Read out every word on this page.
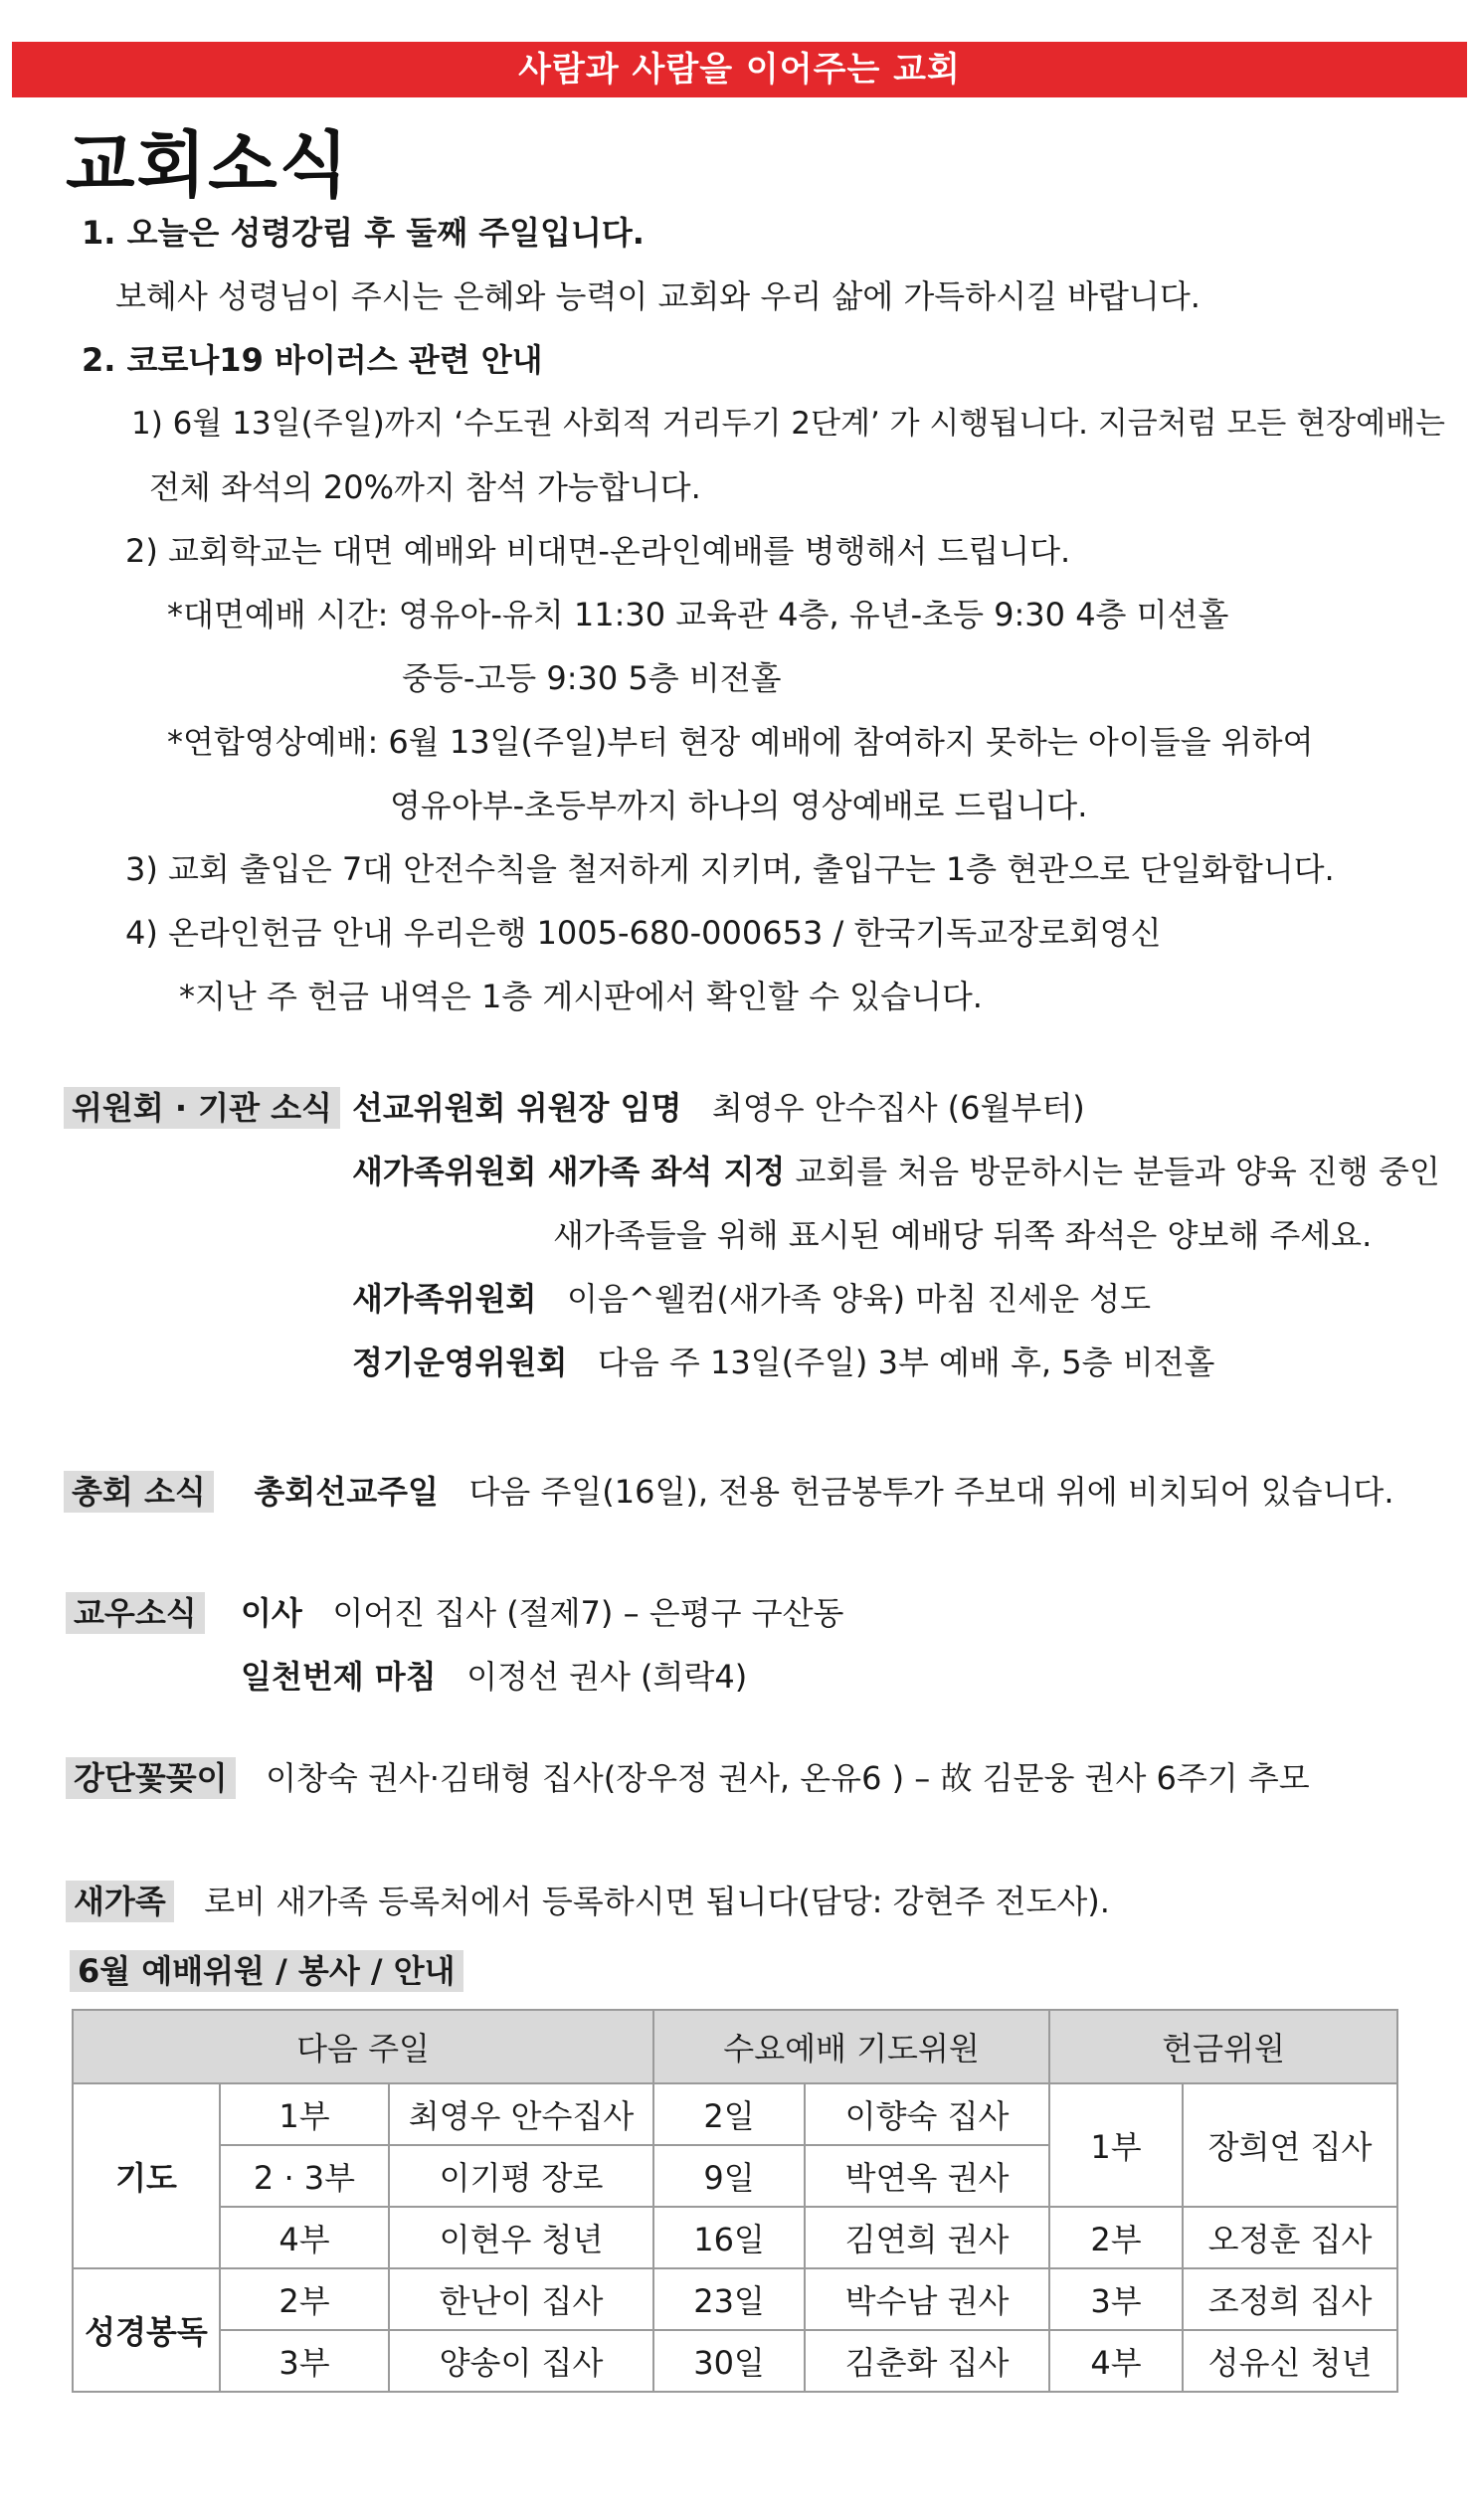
사람과 사람을 이어주는 교회
교회소식
1. 오늘은 성령강림 후 둘째 주일입니다.
보혜사 성령님이 주시는 은혜와 능력이 교회와 우리 삶에 가득하시길 바랍니다.
2. 코로나19 바이러스 관련 안내
1) 6월 13일(주일)까지 ‘수도권 사회적 거리두기 2단계’ 가 시행됩니다. 지금처럼 모든 현장예배는
전체 좌석의 20%까지 참석 가능합니다.
2) 교회학교는 대면 예배와 비대면-온라인예배를 병행해서 드립니다.
*대면예배 시간: 영유아-유치 11:30 교육관 4층, 유년-초등 9:30 4층 미션홀
중등-고등 9:30 5층 비전홀
*연합영상예배: 6월 13일(주일)부터 현장 예배에 참여하지 못하는 아이들을 위하여
영유아부-초등부까지 하나의 영상예배로 드립니다.
3) 교회 출입은 7대 안전수칙을 철저하게 지키며, 출입구는 1층 현관으로 단일화합니다.
4) 온라인헌금 안내 우리은행 1005-680-000653 / 한국기독교장로회영신
*지난 주 헌금 내역은 1층 게시판에서 확인할 수 있습니다.
위원회 · 기관 소식 선교위원회 위원장 임명 최영우 안수집사 (6월부터)
새가족위원회 새가족 좌석 지정 교회를 처음 방문하시는 분들과 양육 진행 중인
새가족들을 위해 표시된 예배당 뒤쪽 좌석은 양보해 주세요.
새가족위원회 이음^웰컴(새가족 양육) 마침 진세운 성도
정기운영위원회 다음 주 13일(주일) 3부 예배 후, 5층 비전홀
총회 소식 총회선교주일 다음 주일(16일), 전용 헌금봉투가 주보대 위에 비치되어 있습니다.
교우소식 이사 이어진 집사 (절제7) – 은평구 구산동
일천번제 마침 이정선 권사 (희락4)
강단꽃꽂이 이창숙 권사·김태형 집사(장우정 권사, 온유6 ) – 故 김문웅 권사 6주기 추모
새가족 로비 새가족 등록처에서 등록하시면 됩니다(담당: 강현주 전도사).
6월 예배위원 / 봉사 / 안내
다음 주일			수요예배 기도위원		헌금위원	
기도	1부	최영우 안수집사	2일	이향숙 집사	1부	장희연 집사
	2 · 3부	이기평 장로	9일	박연옥 권사		
	4부	이현우 청년	16일	김연희 권사	2부	오정훈 집사
성경봉독	2부	한난이 집사	23일	박수남 권사	3부	조정희 집사
	3부	양송이 집사	30일	김춘화 집사	4부	성유신 청년
